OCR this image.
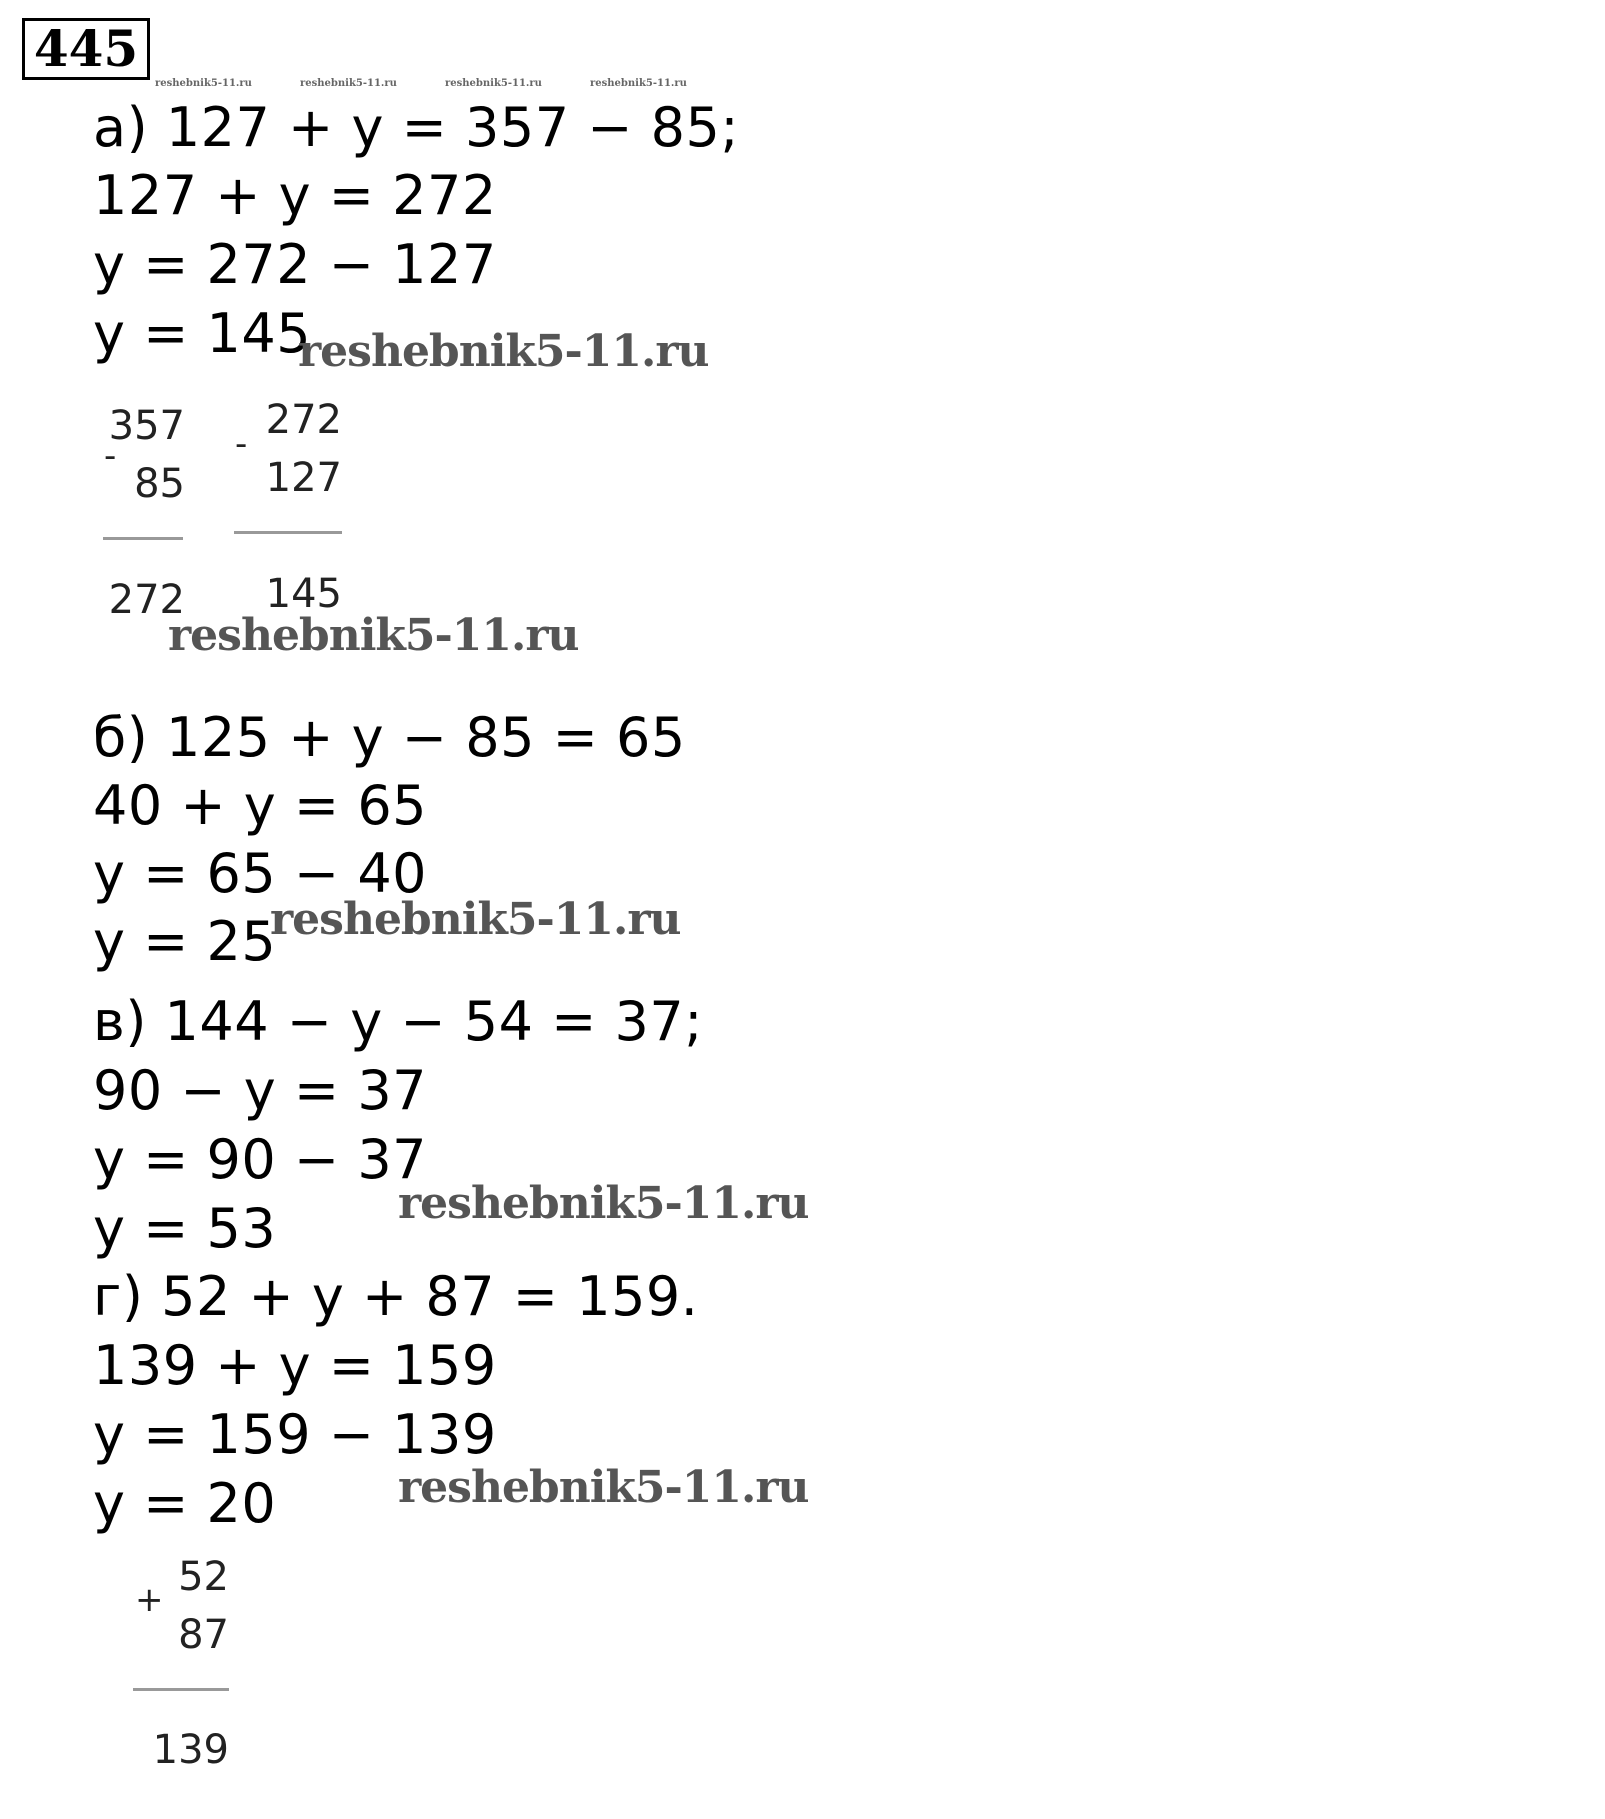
445
reshebnik5-11.ru	reshebnik5-11.ru	reshebnik5-11.ru	reshebnik5-11.ru
а) 127 + y = 357 − 85;
127 + y = 272
y = 272 − 127
y = 145
reshebnik5-11.ru
357
-
85
272
272
-
127
145
reshebnik5-11.ru
б) 125 + y − 85 = 65
40 + y = 65
y = 65 − 40
y = 25
reshebnik5-11.ru
в) 144 − y − 54 = 37;
90 − y = 37
y = 90 − 37
y = 53	reshebnik5-11.ru
г) 52 + y + 87 = 159.
139 + y = 159
y = 159 − 139
y = 20	reshebnik5-11.ru
52
+
87
139
